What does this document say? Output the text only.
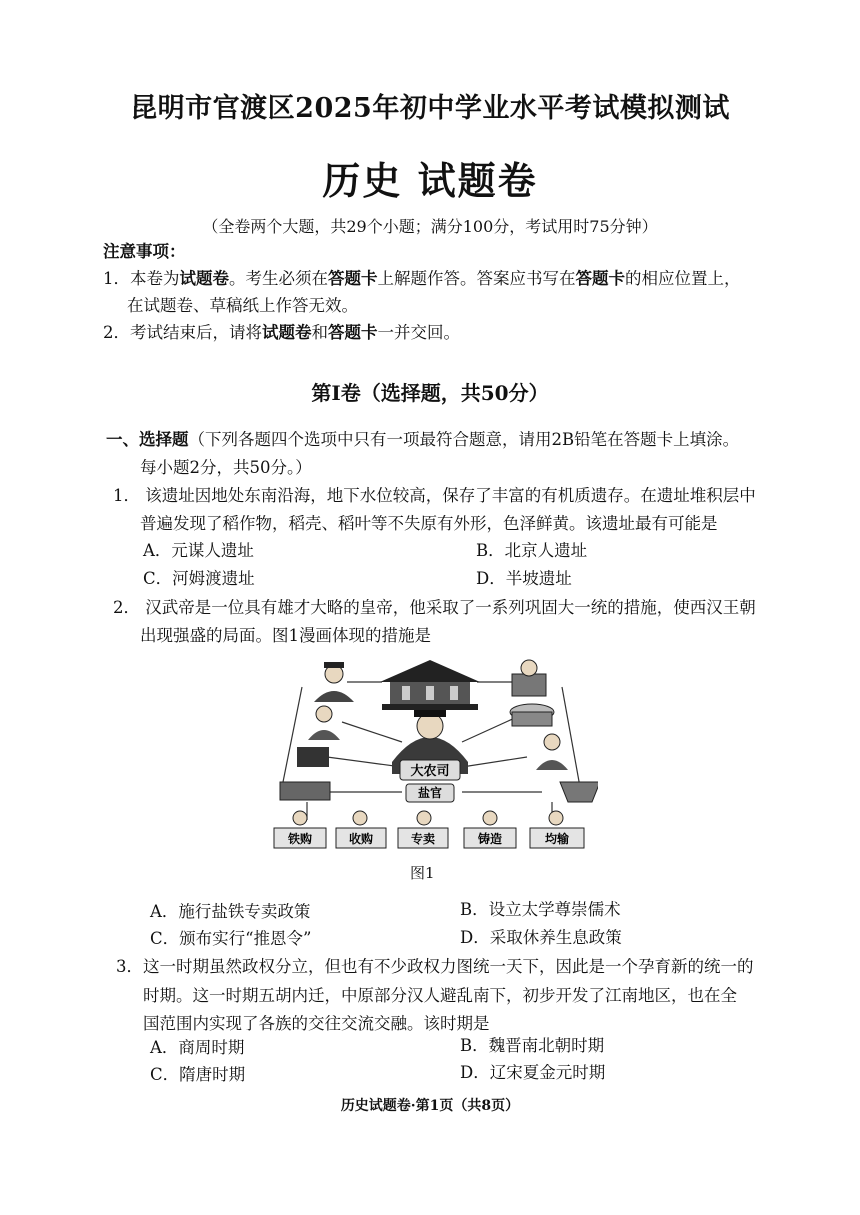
昆明市官渡区2025年初中学业水平考试模拟测试
历史 试题卷
（全卷两个大题，共29个小题；满分100分，考试用时75分钟）
注意事项：
1．本卷为试题卷。考生必须在答题卡上解题作答。答案应书写在答题卡的相应位置上，
在试题卷、草稿纸上作答无效。
2．考试结束后，请将试题卷和答题卡一并交回。
第Ⅰ卷（选择题，共50分）
一、选择题（下列各题四个选项中只有一项最符合题意，请用2B铅笔在答题卡上填涂。
每小题2分，共50分。）
1． 该遗址因地处东南沿海，地下水位较高，保存了丰富的有机质遗存。在遗址堆积层中
普遍发现了稻作物，稻壳、稻叶等不失原有外形，色泽鲜黄。该遗址最有可能是
A．元谋人遗址	B．北京人遗址
C．河姆渡遗址	D．半坡遗址
2． 汉武帝是一位具有雄才大略的皇帝，他采取了一系列巩固大一统的措施，使西汉王朝
出现强盛的局面。图1漫画体现的措施是
大农司
盐官
铁购	收购	专卖	铸造	均输
图1
A．施行盐铁专卖政策	B．设立太学尊崇儒术
C．颁布实行“推恩令”	D．采取休养生息政策
3．这一时期虽然政权分立，但也有不少政权力图统一天下，因此是一个孕育新的统一的
时期。这一时期五胡内迁，中原部分汉人避乱南下，初步开发了江南地区，也在全
国范围内实现了各族的交往交流交融。该时期是
A．商周时期	B．魏晋南北朝时期
C．隋唐时期	D．辽宋夏金元时期
历史试题卷·第1页（共8页）
